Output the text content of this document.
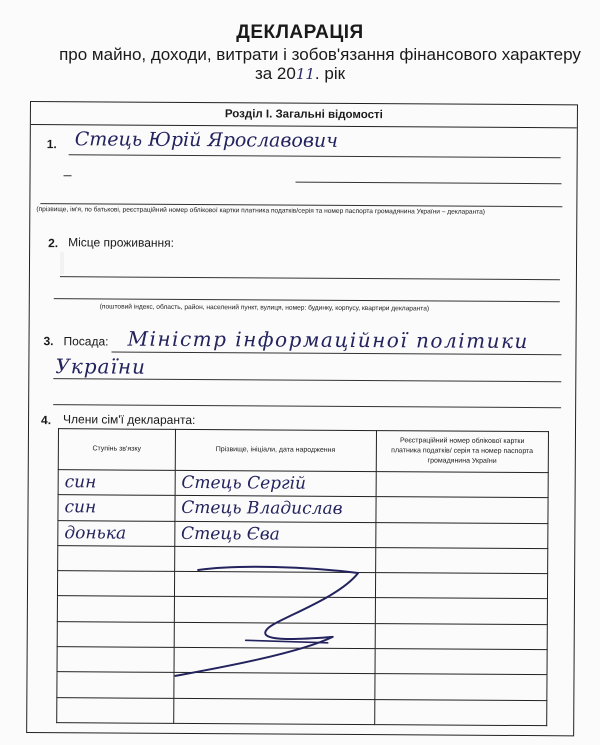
ДЕКЛАРАЦІЯ
про майно, доходи, витрати і зобов'язання фінансового характеру
за 2011. рік
Розділ І. Загальні відомості
1. Стець Юрій Ярославович
(прізвище, ім'я, по батькові, реєстраційний номер облікової картки платника податків/серія та номер паспорта громадянина України – декларанта)
2. Місце проживання:
(поштовий індекс, область, район, населений пункт, вулиця, номер: будинку, корпусу, квартири декларанта)
3. Посада: Міністр інформаційної політики
України
4. Члени сім'ї декларанта:
Ступінь зв'язку	Прізвище, ініціали, дата народження	Реєстраційний номер облікової картки платника податків/ серія та номер паспорта громадянина України
син	Стець Сергій	
син	Стець Владислав	
донька	Стець Єва	
